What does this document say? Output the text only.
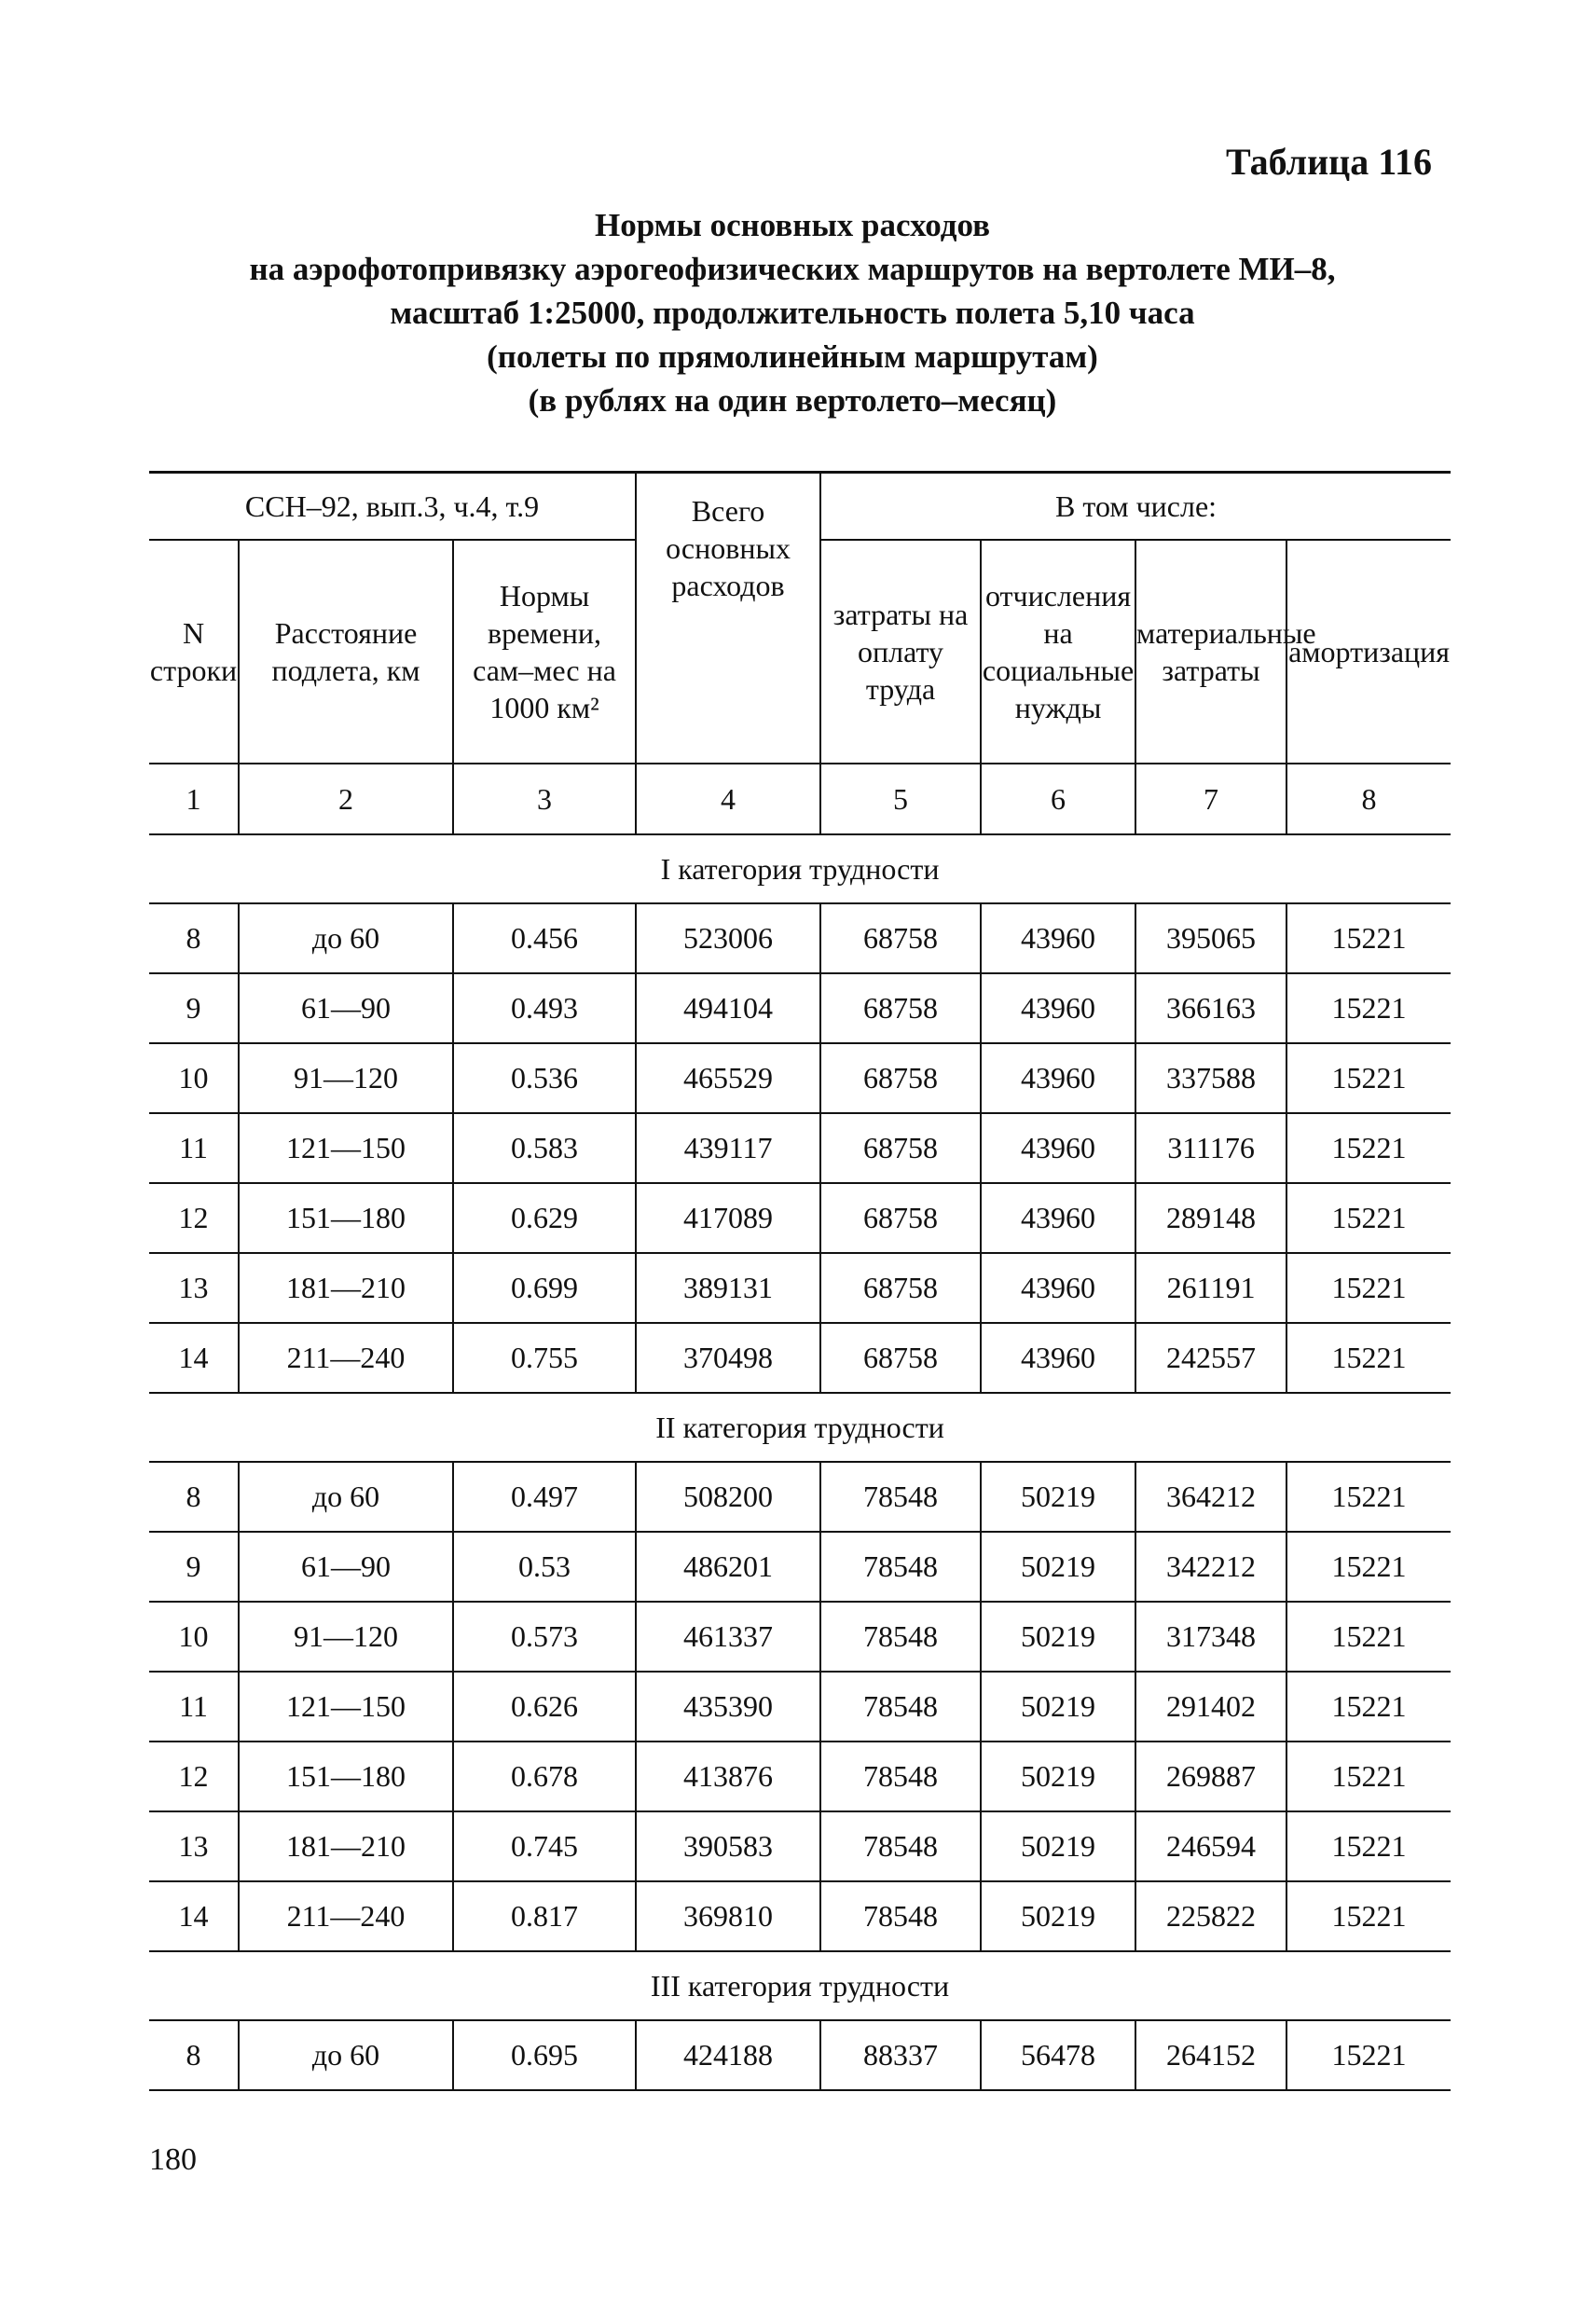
Таблица 116
Нормы основных расходов
на аэрофотопривязку аэрогеофизических маршрутов на вертолете МИ–8,
масштаб 1:25000, продолжительность полета 5,10 часа
(полеты по прямолинейным маршрутам)
(в рублях на один вертолето–месяц)
ССН–92, вып.3, ч.4, т.9			Всего основных расходов	В том числе:			
N строки	Расстояние подлета, км	Нормы времени, сам–мес на 1000 км²		затраты на оплату труда	отчисления на социальные нужды	материальные затраты	амортизация
1	2	3	4	5	6	7	8
I категория трудности							
8	до 60	0.456	523006	68758	43960	395065	15221
9	61—90	0.493	494104	68758	43960	366163	15221
10	91—120	0.536	465529	68758	43960	337588	15221
11	121—150	0.583	439117	68758	43960	311176	15221
12	151—180	0.629	417089	68758	43960	289148	15221
13	181—210	0.699	389131	68758	43960	261191	15221
14	211—240	0.755	370498	68758	43960	242557	15221
II категория трудности							
8	до 60	0.497	508200	78548	50219	364212	15221
9	61—90	0.53	486201	78548	50219	342212	15221
10	91—120	0.573	461337	78548	50219	317348	15221
11	121—150	0.626	435390	78548	50219	291402	15221
12	151—180	0.678	413876	78548	50219	269887	15221
13	181—210	0.745	390583	78548	50219	246594	15221
14	211—240	0.817	369810	78548	50219	225822	15221
III категория трудности							
8	до 60	0.695	424188	88337	56478	264152	15221
180
